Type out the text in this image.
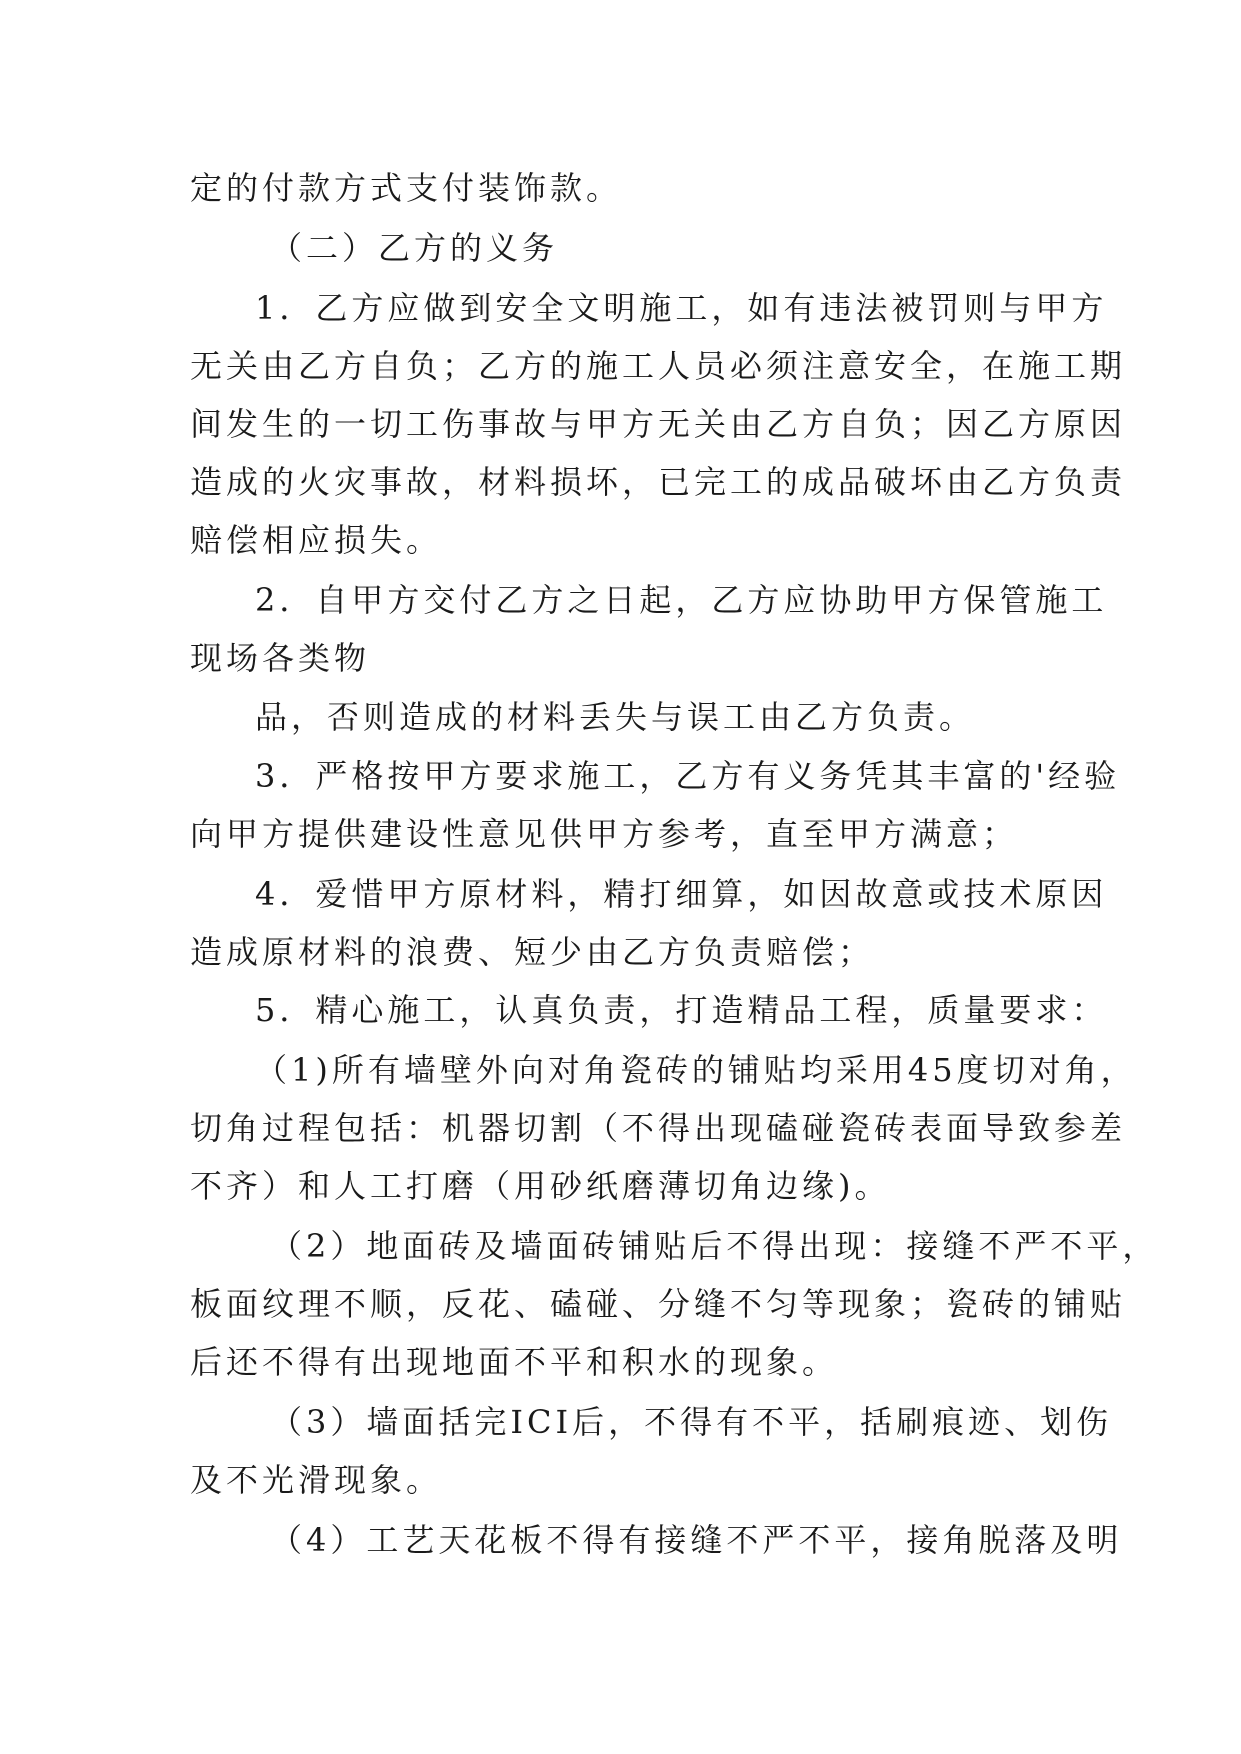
定的付款方式支付装饰款。
（二）乙方的义务
1．乙方应做到安全文明施工，如有违法被罚则与甲方
无关由乙方自负；乙方的施工人员必须注意安全，在施工期
间发生的一切工伤事故与甲方无关由乙方自负；因乙方原因
造成的火灾事故，材料损坏，已完工的成品破坏由乙方负责
赔偿相应损失。
2．自甲方交付乙方之日起，乙方应协助甲方保管施工
现场各类物
品，否则造成的材料丢失与误工由乙方负责。
3．严格按甲方要求施工，乙方有义务凭其丰富的'经验
向甲方提供建设性意见供甲方参考，直至甲方满意；
4．爱惜甲方原材料，精打细算，如因故意或技术原因
造成原材料的浪费、短少由乙方负责赔偿；
5．精心施工，认真负责，打造精品工程，质量要求：
（1)所有墙壁外向对角瓷砖的铺贴均采用45度切对角，
切角过程包括：机器切割（不得出现磕碰瓷砖表面导致参差
不齐）和人工打磨（用砂纸磨薄切角边缘)。
（2）地面砖及墙面砖铺贴后不得出现：接缝不严不平，
板面纹理不顺，反花、磕碰、分缝不匀等现象；瓷砖的铺贴
后还不得有出现地面不平和积水的现象。
（3）墙面括完ICI后，不得有不平，括刷痕迹、划伤
及不光滑现象。
（4）工艺天花板不得有接缝不严不平，接角脱落及明
